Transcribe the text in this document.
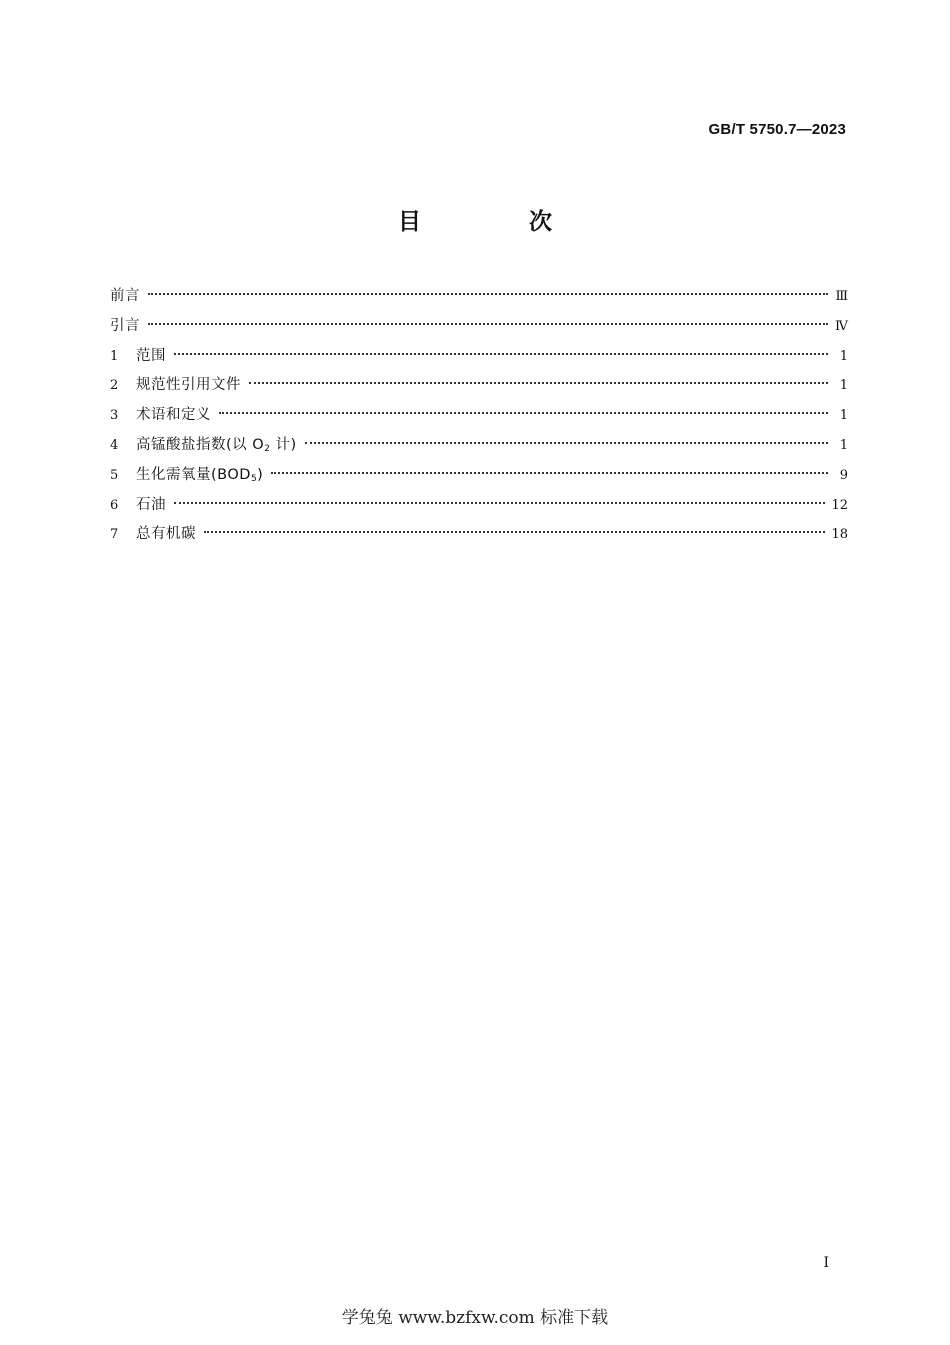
GB/T 5750.7—2023
目 次
前言	Ⅲ
引言	Ⅳ
1	范围	1
2	规范性引用文件	1
3	术语和定义	1
4	高锰酸盐指数(以 $O_2$ 计)	1
5	生化需氧量$(BOD_5)$	9
6	石油	12
7	总有机碳	18
I
学兔兔 www.bzfxw.com 标准下载
